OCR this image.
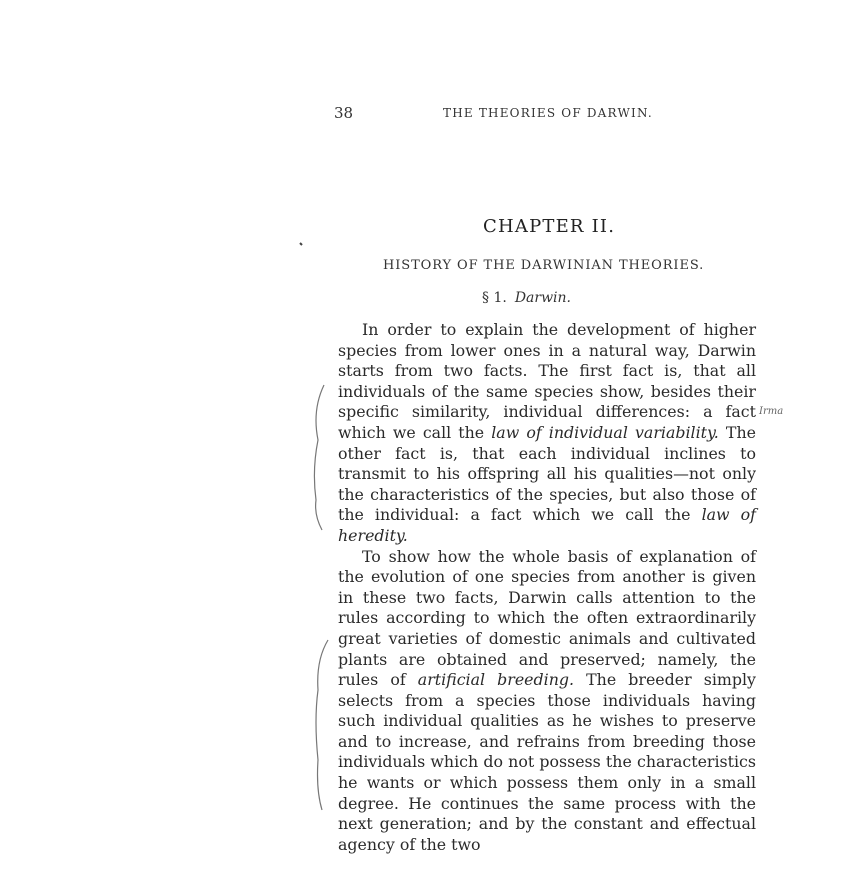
38	THE THEORIES OF DARWIN.
CHAPTER II.
HISTORY OF THE DARWINIAN THEORIES.
§ 1. Darwin.

In order to explain the development of higher species from lower ones in a natural way, Darwin starts from two facts. The first fact is, that all individuals of the same species show, besides their specific similarity, individual differences: a fact which we call the law of individual variability. The other fact is, that each individual inclines to transmit to his offspring all his qualities—not only the characteristics of the species, but also those of the individual: a fact which we call the law of heredity.

To show how the whole basis of explanation of the evolution of one species from another is given in these two facts, Darwin calls attention to the rules according to which the often extraordinarily great varieties of domestic animals and cultivated plants are obtained and preserved; namely, the rules of artificial breeding. The breeder simply selects from a species those individuals having such individual qualities as he wishes to preserve and to increase, and refrains from breeding those individuals which do not possess the characteristics he wants or which possess them only in a small degree. He continues the same process with the next generation; and by the constant and effectual agency of the two

Irma
